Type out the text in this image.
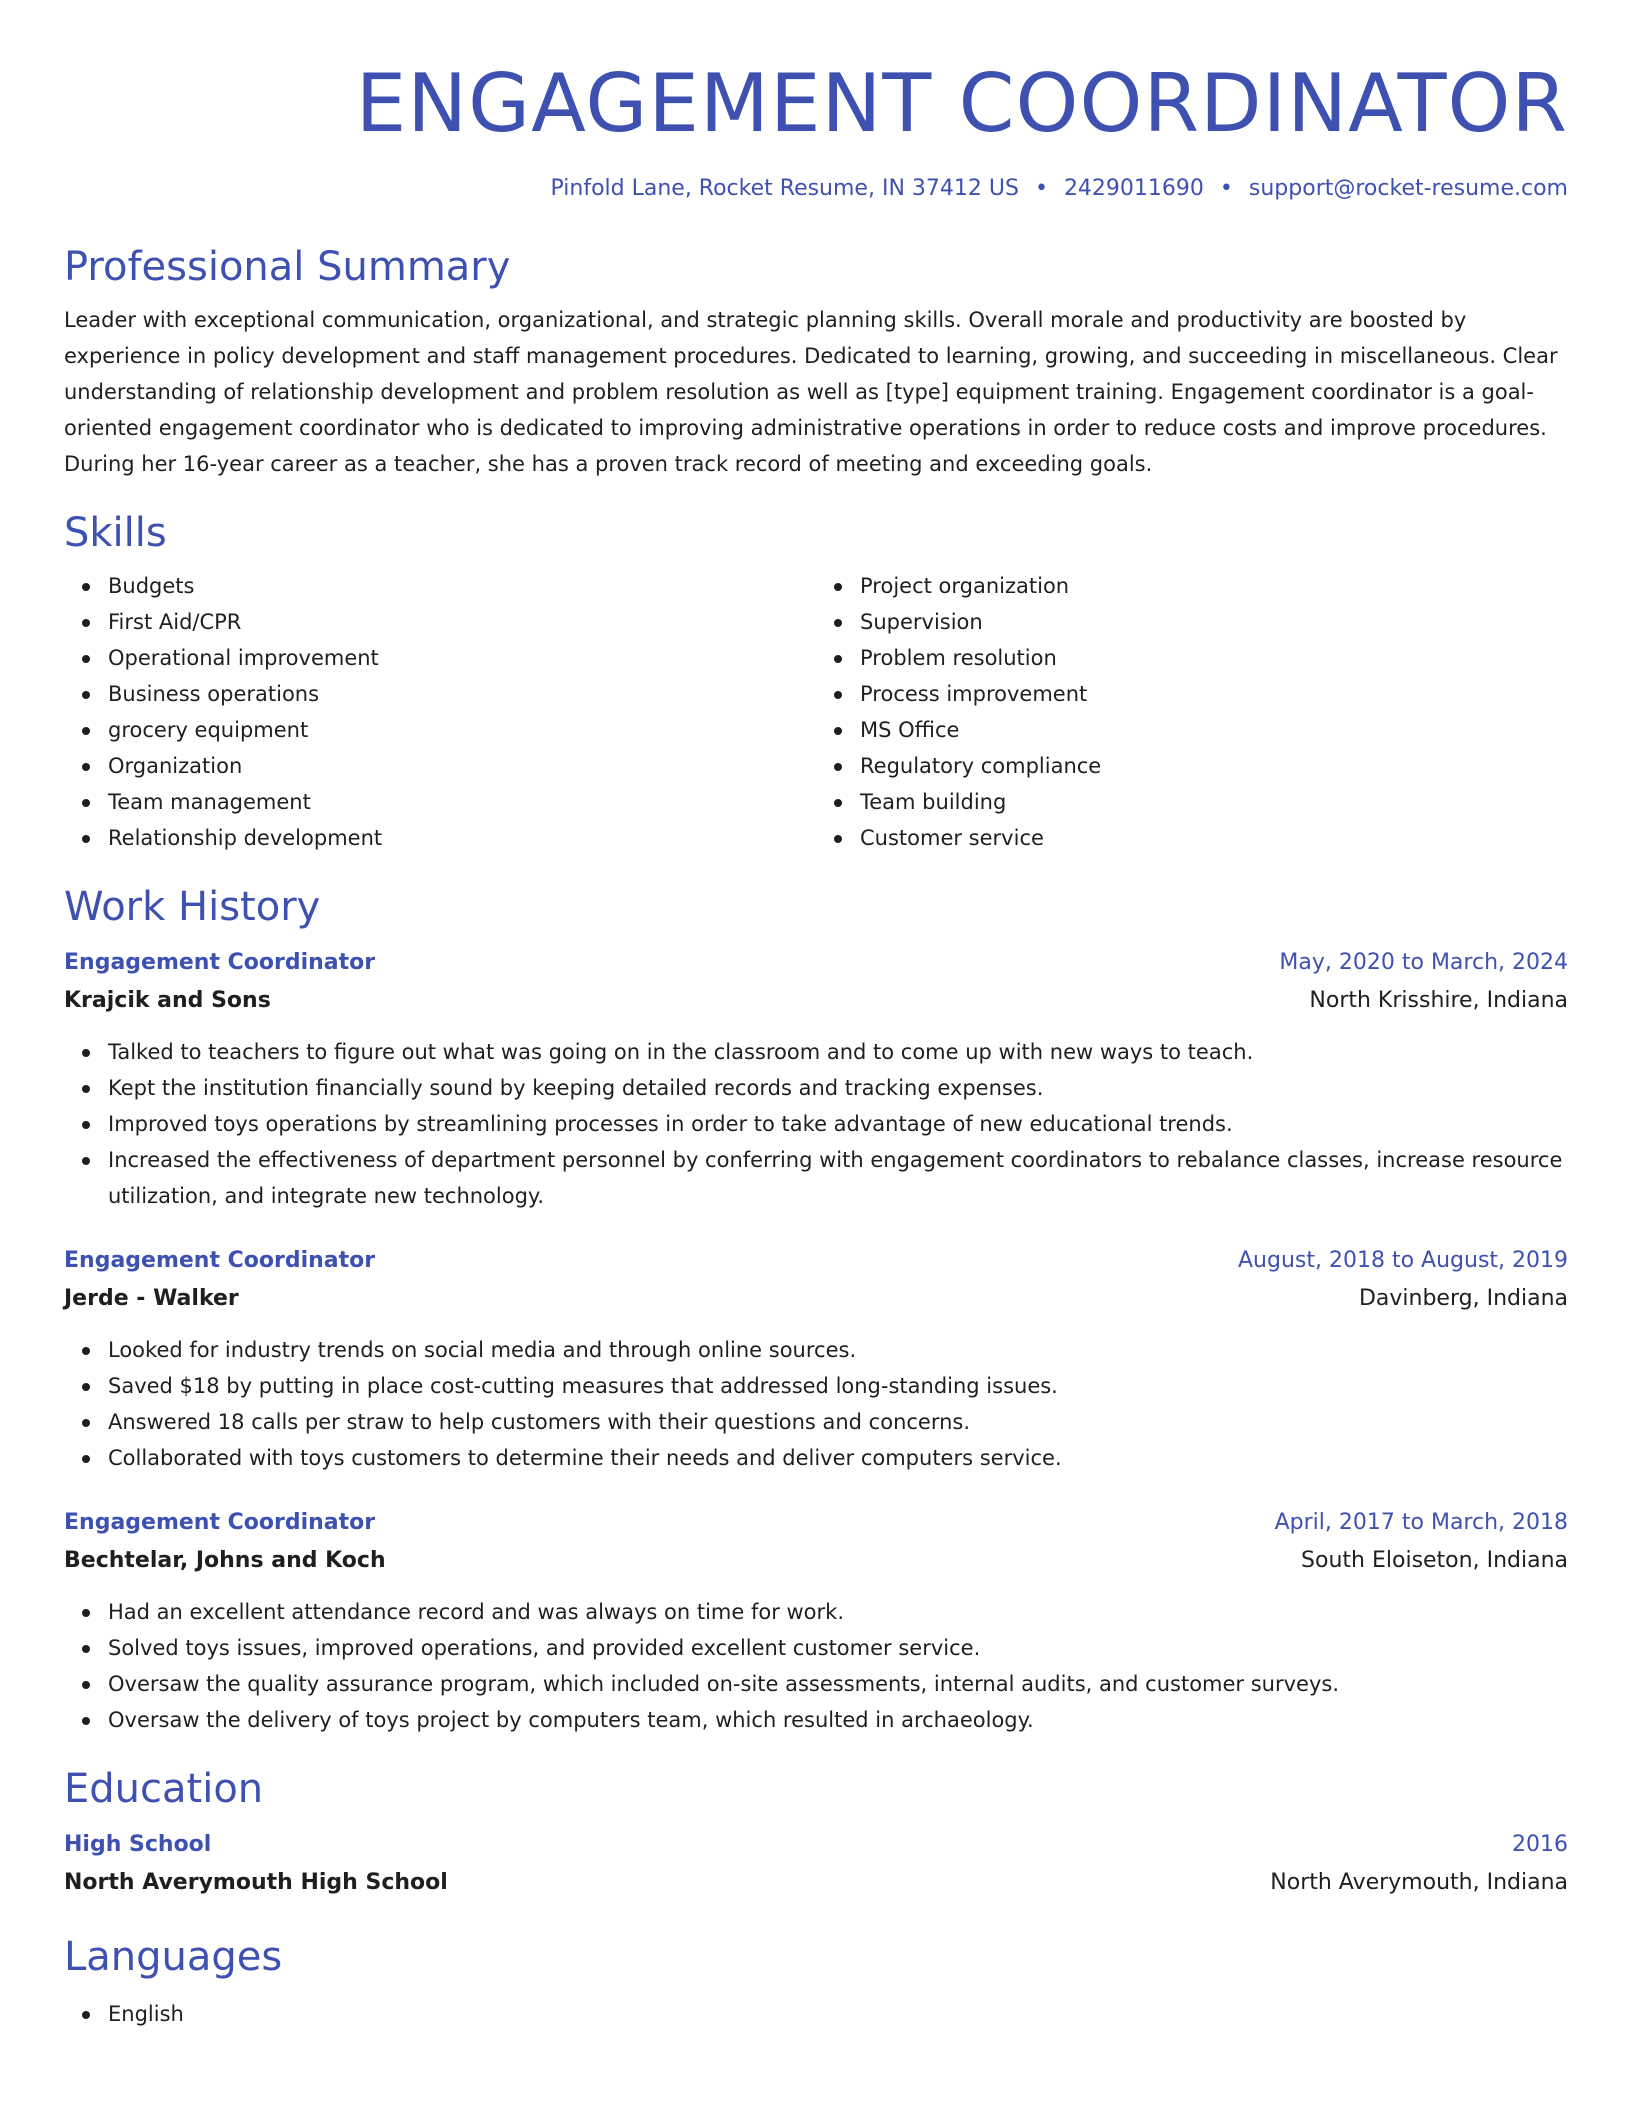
ENGAGEMENT COORDINATOR
Pinfold Lane, Rocket Resume, IN 37412 US • 2429011690 • support@rocket-resume.com
Professional Summary

Leader with exceptional communication, organizational, and strategic planning skills. Overall morale and productivity are boosted by experience in policy development and staff management procedures. Dedicated to learning, growing, and succeeding in miscellaneous. Clear understanding of relationship development and problem resolution as well as [type] equipment training. Engagement coordinator is a goal-oriented engagement coordinator who is dedicated to improving administrative operations in order to reduce costs and improve procedures. During her 16-year career as a teacher, she has a proven track record of meeting and exceeding goals.

Skills
Budgets
First Aid/CPR
Operational improvement
Business operations
grocery equipment
Organization
Team management
Relationship development
Project organization
Supervision
Problem resolution
Process improvement
MS Office
Regulatory compliance
Team building
Customer service
Work History
Engagement Coordinator	May, 2020 to March, 2024
Krajcik and Sons	North Krisshire, Indiana
Talked to teachers to figure out what was going on in the classroom and to come up with new ways to teach.
Kept the institution financially sound by keeping detailed records and tracking expenses.
Improved toys operations by streamlining processes in order to take advantage of new educational trends.
Increased the effectiveness of department personnel by conferring with engagement coordinators to rebalance classes, increase resource utilization, and integrate new technology.
Engagement Coordinator	August, 2018 to August, 2019
Jerde - Walker	Davinberg, Indiana
Looked for industry trends on social media and through online sources.
Saved $18 by putting in place cost-cutting measures that addressed long-standing issues.
Answered 18 calls per straw to help customers with their questions and concerns.
Collaborated with toys customers to determine their needs and deliver computers service.
Engagement Coordinator	April, 2017 to March, 2018
Bechtelar, Johns and Koch	South Eloiseton, Indiana
Had an excellent attendance record and was always on time for work.
Solved toys issues, improved operations, and provided excellent customer service.
Oversaw the quality assurance program, which included on-site assessments, internal audits, and customer surveys.
Oversaw the delivery of toys project by computers team, which resulted in archaeology.
Education
High School	2016
North Averymouth High School	North Averymouth, Indiana
Languages
English
